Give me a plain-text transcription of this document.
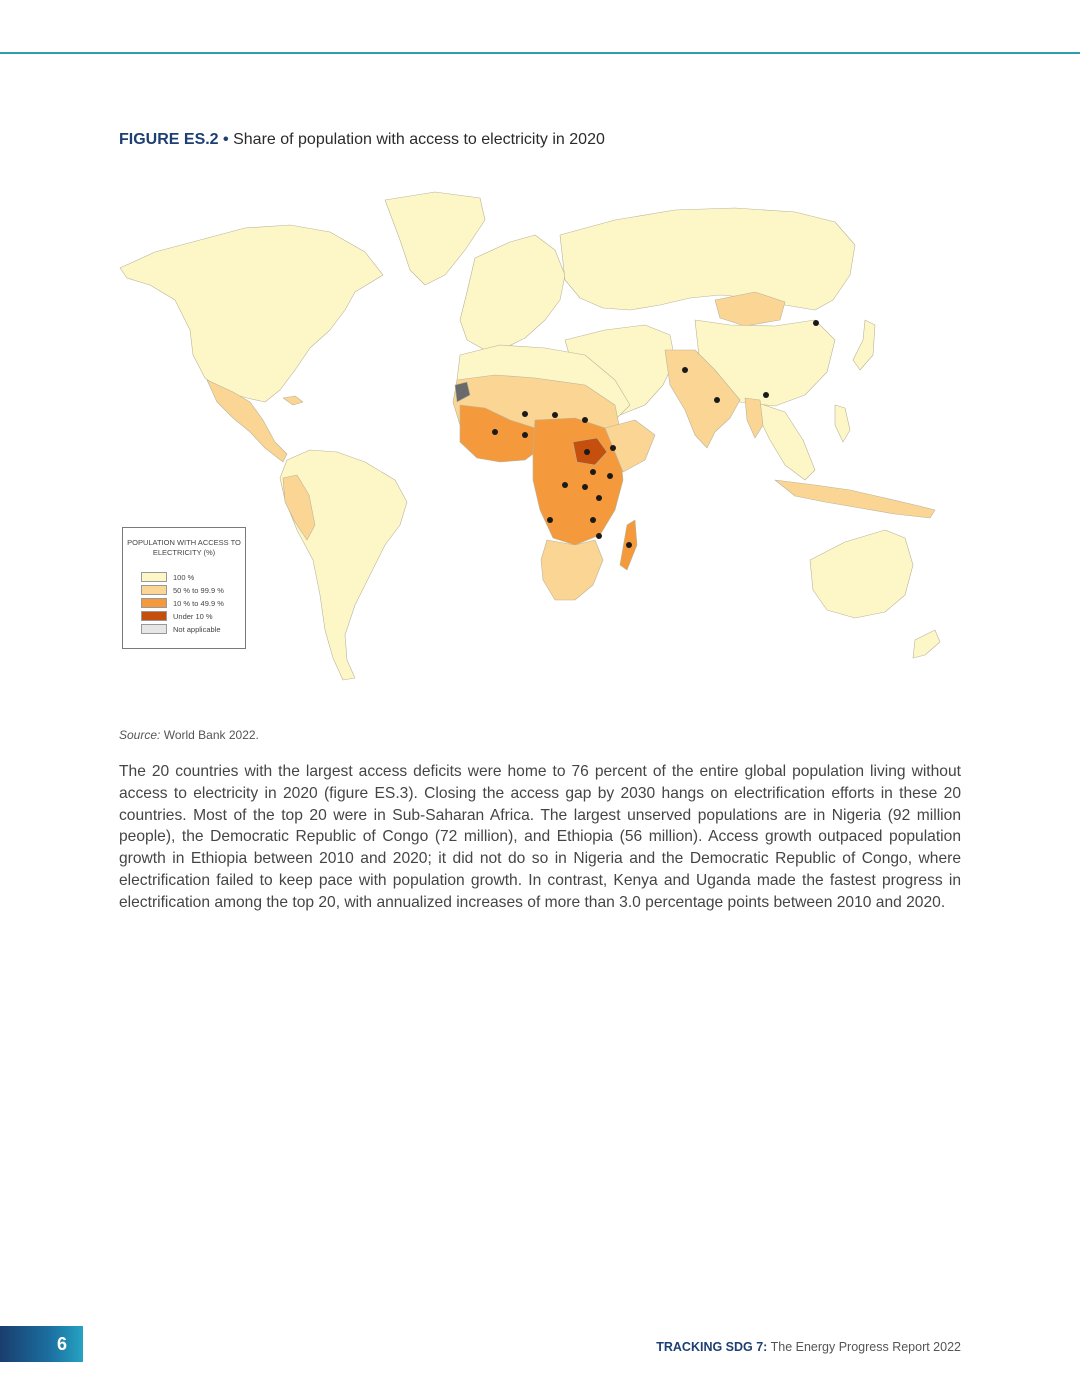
FIGURE ES.2 • Share of population with access to electricity in 2020
POPULATION WITH ACCESS TO ELECTRICITY (%)
100 %
50 % to 99.9 %
10 % to 49.9 %
Under 10 %
Not applicable
Source: World Bank 2022.
The 20 countries with the largest access deficits were home to 76 percent of the entire global population living without access to electricity in 2020 (figure ES.3). Closing the access gap by 2030 hangs on electrification efforts in these 20 countries. Most of the top 20 were in Sub-Saharan Africa. The largest unserved populations are in Nigeria (92 million people), the Democratic Republic of Congo (72 million), and Ethiopia (56 million). Access growth outpaced population growth in Ethiopia between 2010 and 2020; it did not do so in Nigeria and the Democratic Republic of Congo, where electrification failed to keep pace with population growth. In contrast, Kenya and Uganda made the fastest progress in electrification among the top 20, with annualized increases of more than 3.0 percentage points between 2010 and 2020.
6	TRACKING SDG 7: The Energy Progress Report 2022
